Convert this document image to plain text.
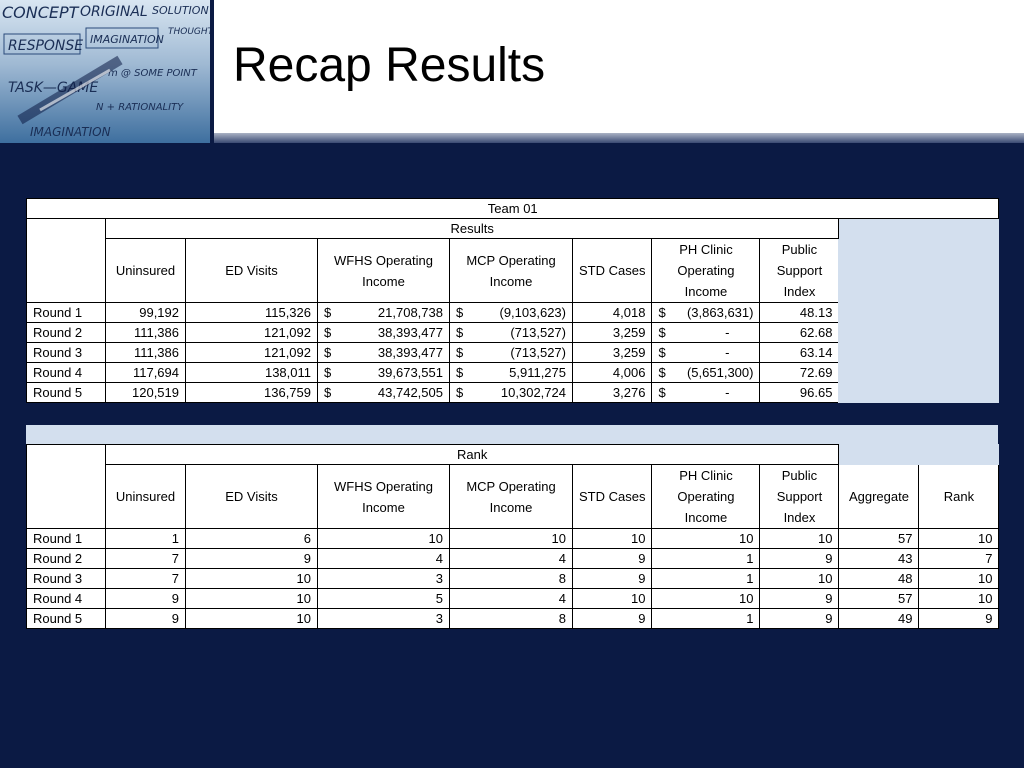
CONCEPT ORIGINAL SOLUTION
RESPONSE IMAGINATION
THOUGHT
TASK—GAME
m @ SOME POINT
N + RATIONALITY
IMAGINATION
Recap Results
Team 01								
	Results							
	Uninsured	ED Visits	WFHS Operating Income	MCP Operating Income	STD Cases	PH Clinic Operating Income	Public Support Index	
Round 1	99,192	115,326	$ 21,708,738	$ (9,103,623)	4,018	$ (3,863,631)	48.13	
Round 2	111,386	121,092	$ 38,393,477	$ (713,527)	3,259	$ -	62.68	
Round 3	111,386	121,092	$ 38,393,477	$ (713,527)	3,259	$ -	63.14	
Round 4	117,694	138,011	$ 39,673,551	$ 5,911,275	4,006	$ (5,651,300)	72.69	
Round 5	120,519	136,759	$ 43,742,505	$ 10,302,724	3,276	$ -	96.65	
	Rank								
	Uninsured	ED Visits	WFHS Operating Income	MCP Operating Income	STD Cases	PH Clinic Operating Income	Public Support Index	Aggregate	Rank
Round 1	1	6	10	10	10	10	10	57	10
Round 2	7	9	4	4	9	1	9	43	7
Round 3	7	10	3	8	9	1	10	48	10
Round 4	9	10	5	4	10	10	9	57	10
Round 5	9	10	3	8	9	1	9	49	9
